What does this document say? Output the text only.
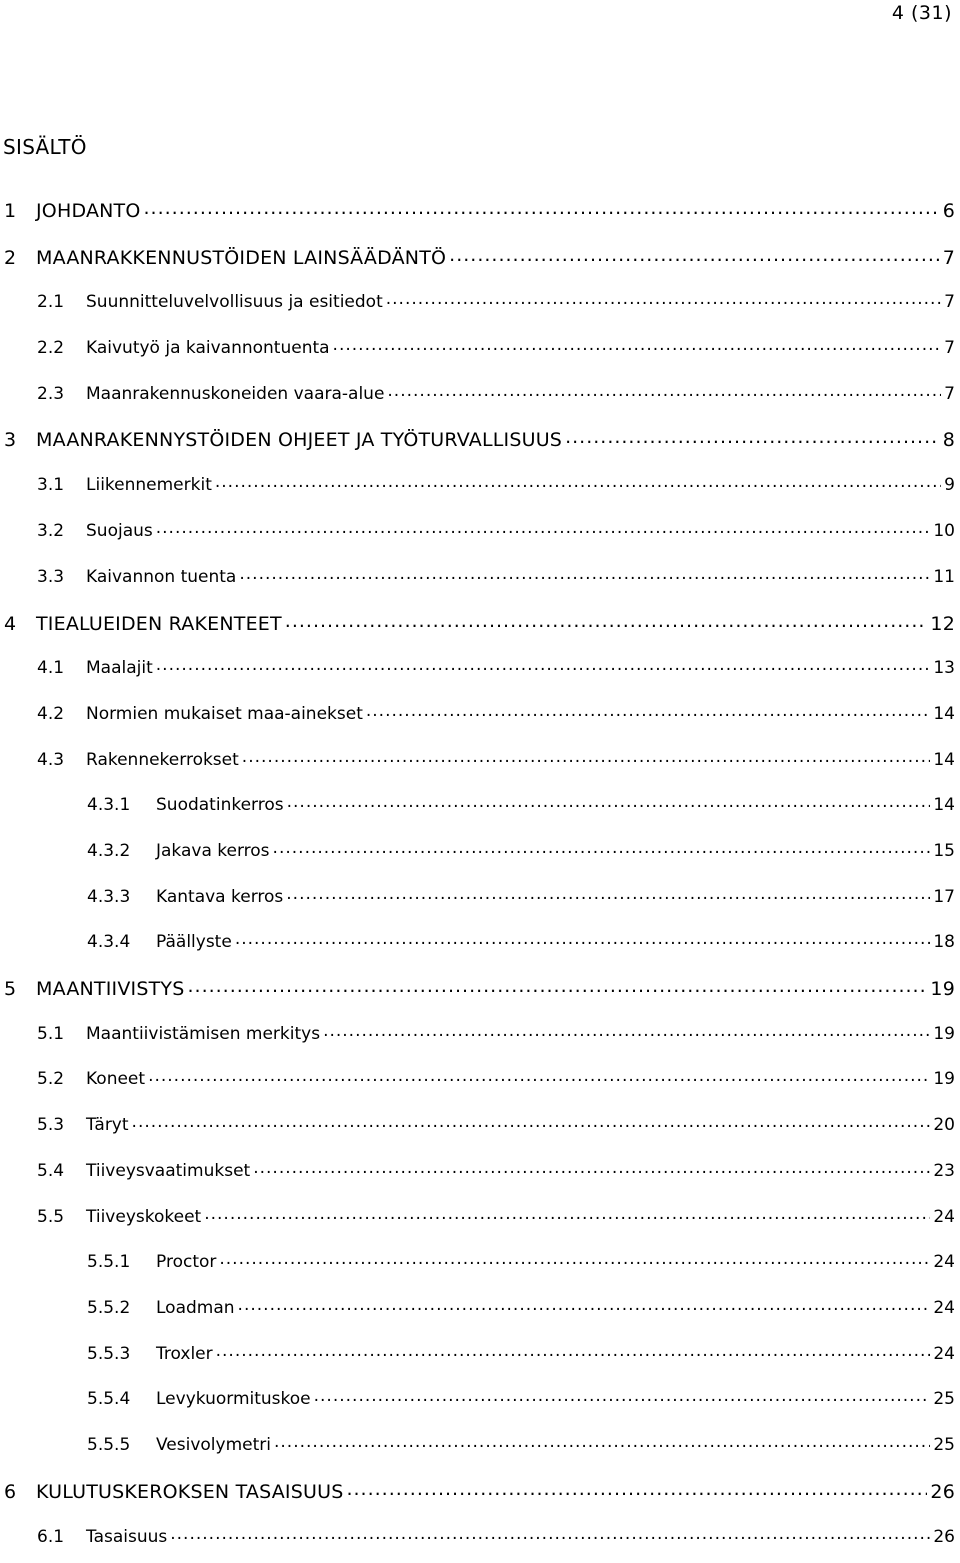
4 (31)
SISÄLTÖ
1	JOHDANTO .....	6
2	MAANRAKKENNUSTÖIDEN LAINSÄÄDÄNTÖ .....	7
2.1	Suunnitteluvelvollisuus ja esitiedot .....	7
2.2	Kaivutyö ja kaivannontuenta .....	7
2.3	Maanrakennuskoneiden vaara-alue .....	7
3	MAANRAKENNYSTÖIDEN OHJEET JA TYÖTURVALLISUUS .....	8
3.1	Liikennemerkit .....	9
3.2	Suojaus .....	10
3.3	Kaivannon tuenta .....	11
4	TIEALUEIDEN RAKENTEET .....	12
4.1	Maalajit .....	13
4.2	Normien mukaiset maa-ainekset .....	14
4.3	Rakennekerrokset .....	14
4.3.1	Suodatinkerros .....	14
4.3.2	Jakava kerros .....	15
4.3.3	Kantava kerros .....	17
4.3.4	Päällyste .....	18
5	MAANTIIVISTYS .....	19
5.1	Maantiivistämisen merkitys .....	19
5.2	Koneet .....	19
5.3	Täryt .....	20
5.4	Tiiveysvaatimukset .....	23
5.5	Tiiveyskokeet .....	24
5.5.1	Proctor .....	24
5.5.2	Loadman .....	24
5.5.3	Troxler .....	24
5.5.4	Levykuormituskoe .....	25
5.5.5	Vesivolymetri .....	25
6	KULUTUSKEROKSEN TASAISUUS .....	26
6.1	Tasaisuus .....	26
